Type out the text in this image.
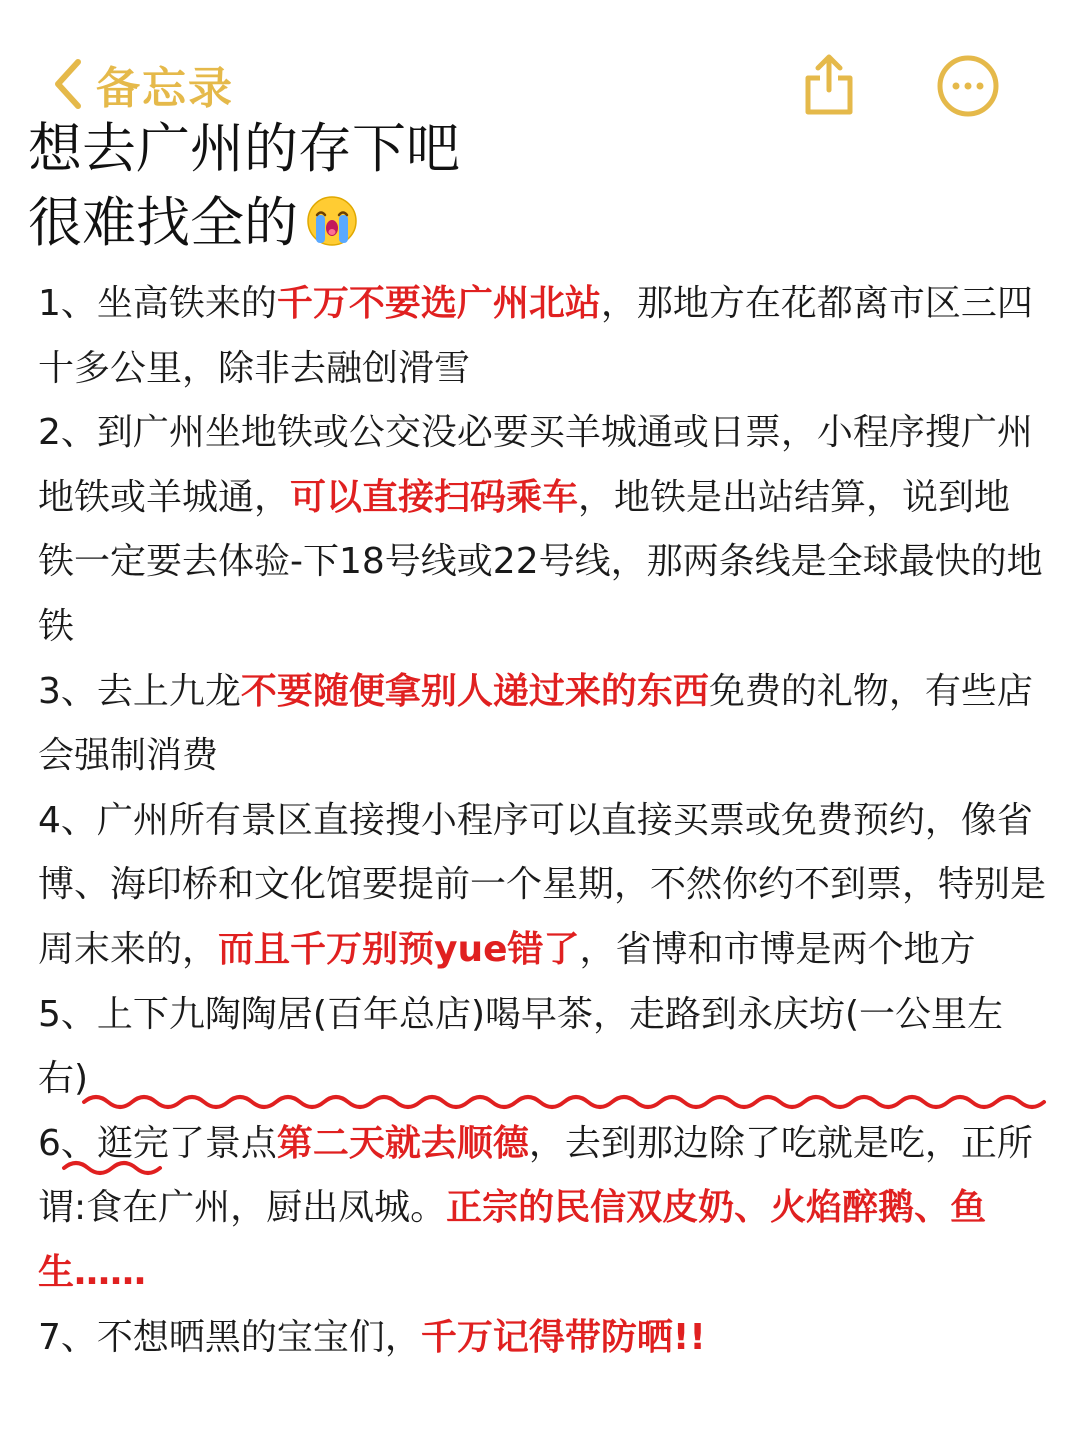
备忘录
想去广州的存下吧
很难找全的

1、坐高铁来的千万不要选广州北站，那地方在花都离市区三四十多公里，除非去融创滑雪

2、到广州坐地铁或公交没必要买羊城通或日票，小程序搜广州地铁或羊城通，可以直接扫码乘车，地铁是出站结算，说到地铁一定要去体验-下18号线或22号线，那两条线是全球最快的地铁

3、去上九龙不要随便拿别人递过来的东西免费的礼物，有些店会强制消费

4、广州所有景区直接搜小程序可以直接买票或免费预约，像省博、海印桥和文化馆要提前一个星期，不然你约不到票，特别是周末来的，而且千万别预yue错了，省博和市博是两个地方

5、上下九陶陶居(百年总店)喝早茶，走路到永庆坊(一公里左右)

6、逛完了景点第二天就去顺德，去到那边除了吃就是吃，正所谓:食在广州，厨出凤城。正宗的民信双皮奶、火焰醉鹅、鱼生……

7、不想晒黑的宝宝们，千万记得带防晒!!
